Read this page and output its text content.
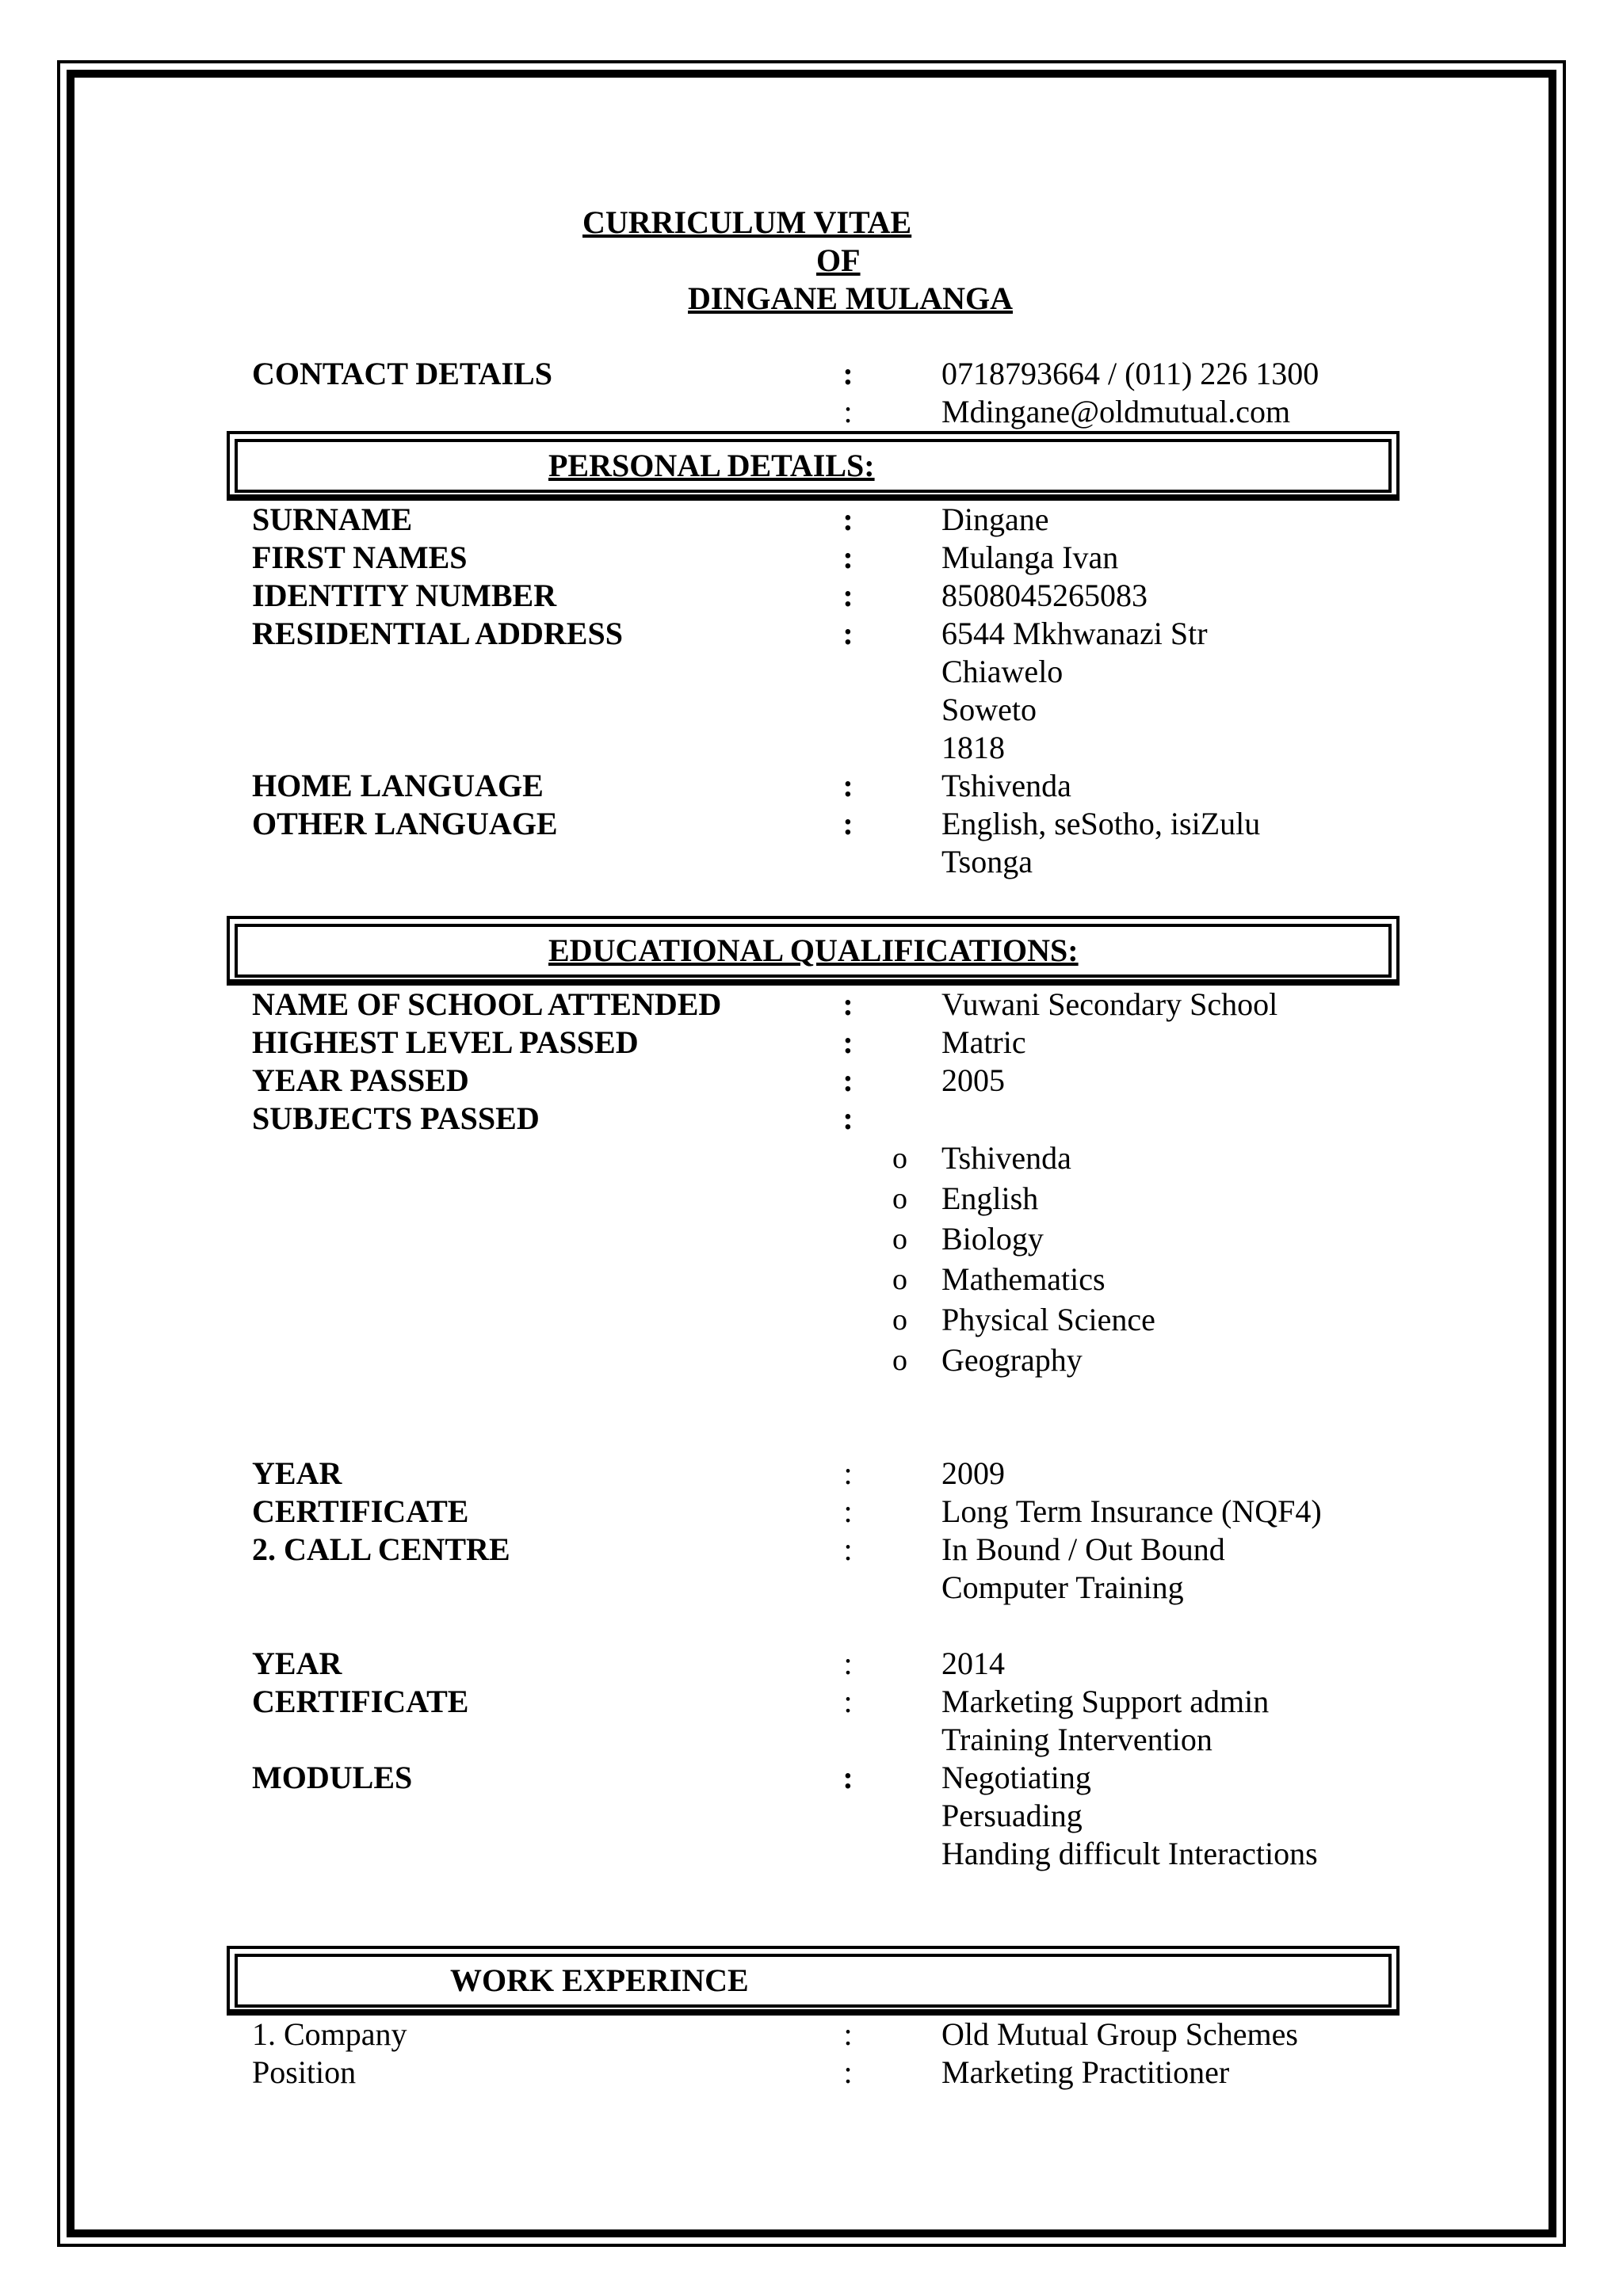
CURRICULUM VITAE
OF
DINGANE MULANGA
CONTACT DETAILS	:	0718793664 / (011) 226 1300
:	Mdingane@oldmutual.com
PERSONAL DETAILS:
SURNAME	:	Dingane
FIRST NAMES	:	Mulanga Ivan
IDENTITY NUMBER	:	8508045265083
RESIDENTIAL ADDRESS	:	6544 Mkhwanazi Str
Chiawelo
Soweto
1818
HOME LANGUAGE	:	Tshivenda
OTHER LANGUAGE	:	English, seSotho, isiZulu
Tsonga
EDUCATIONAL QUALIFICATIONS:
NAME OF SCHOOL ATTENDED	:	Vuwani Secondary School
HIGHEST LEVEL PASSED	:	Matric
YEAR PASSED	:	2005
SUBJECTS PASSED	:
o Tshivenda
o English
o Biology
o Mathematics
o Physical Science
o Geography
YEAR	:	2009
CERTIFICATE	:	Long Term Insurance (NQF4)
2. CALL CENTRE	:	In Bound / Out Bound
Computer Training
YEAR	:	2014
CERTIFICATE	:	Marketing Support admin
Training Intervention
MODULES	:	Negotiating
Persuading
Handing difficult Interactions
WORK EXPERINCE
1. Company	:	Old Mutual Group Schemes
Position	:	Marketing Practitioner
